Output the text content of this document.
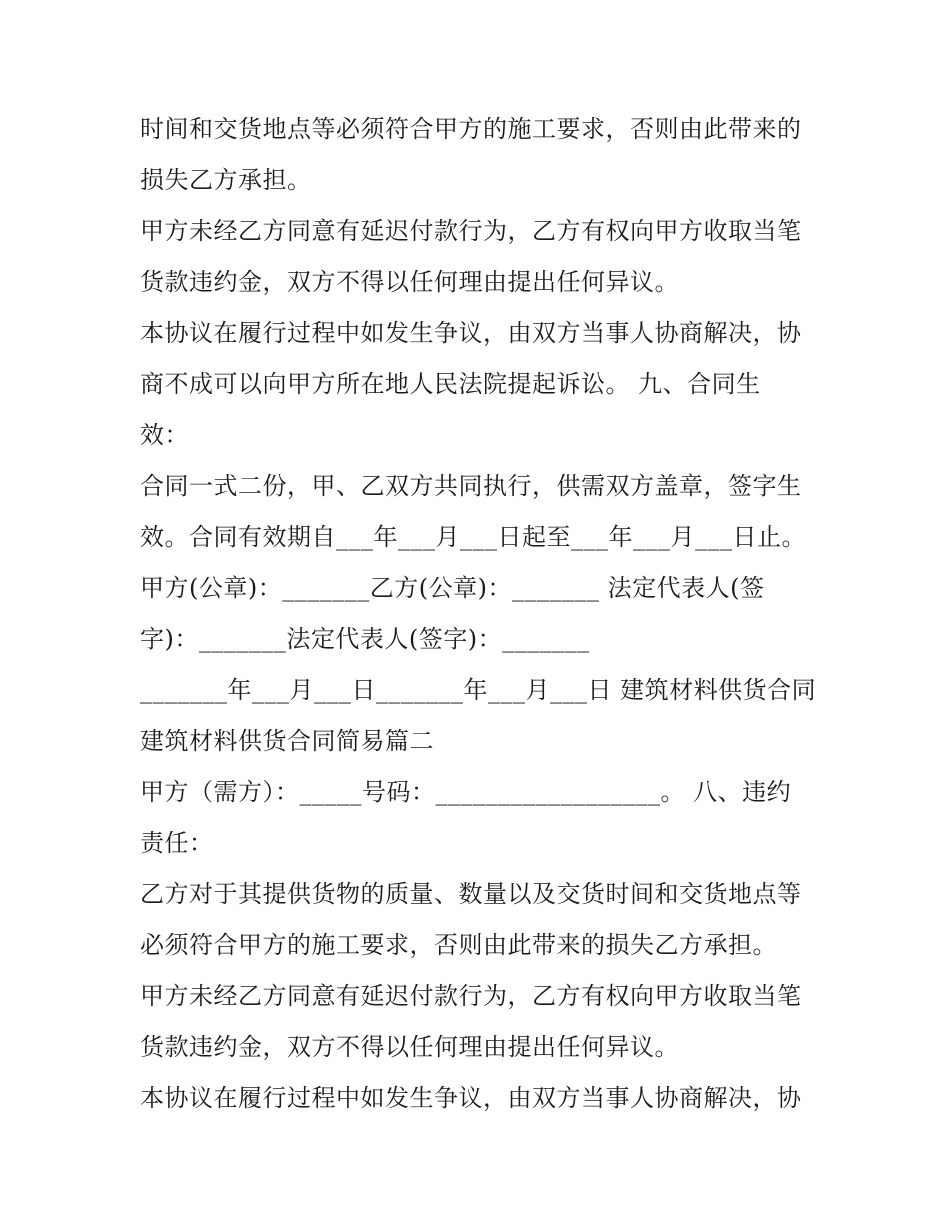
时间和交货地点等必须符合甲方的施工要求，否则由此带来的
损失乙方承担。
甲方未经乙方同意有延迟付款行为，乙方有权向甲方收取当笔
货款违约金，双方不得以任何理由提出任何异议。
本协议在履行过程中如发生争议，由双方当事人协商解决，协
商不成可以向甲方所在地人民法院提起诉讼。 九、合同生
效：
合同一式二份，甲、乙双方共同执行，供需双方盖章，签字生
效。合同有效期自___年___月___日起至___年___月___日止。
甲方(公章)：_______乙方(公章)：_______ 法定代表人(签
字)：_______法定代表人(签字)：_______
_______年___月___日_______年___月___日 建筑材料供货合同
建筑材料供货合同简易篇二
甲方（需方）：_____号码：__________________。 八、违约
责任：
乙方对于其提供货物的质量、数量以及交货时间和交货地点等
必须符合甲方的施工要求，否则由此带来的损失乙方承担。
甲方未经乙方同意有延迟付款行为，乙方有权向甲方收取当笔
货款违约金，双方不得以任何理由提出任何异议。
本协议在履行过程中如发生争议，由双方当事人协商解决，协
